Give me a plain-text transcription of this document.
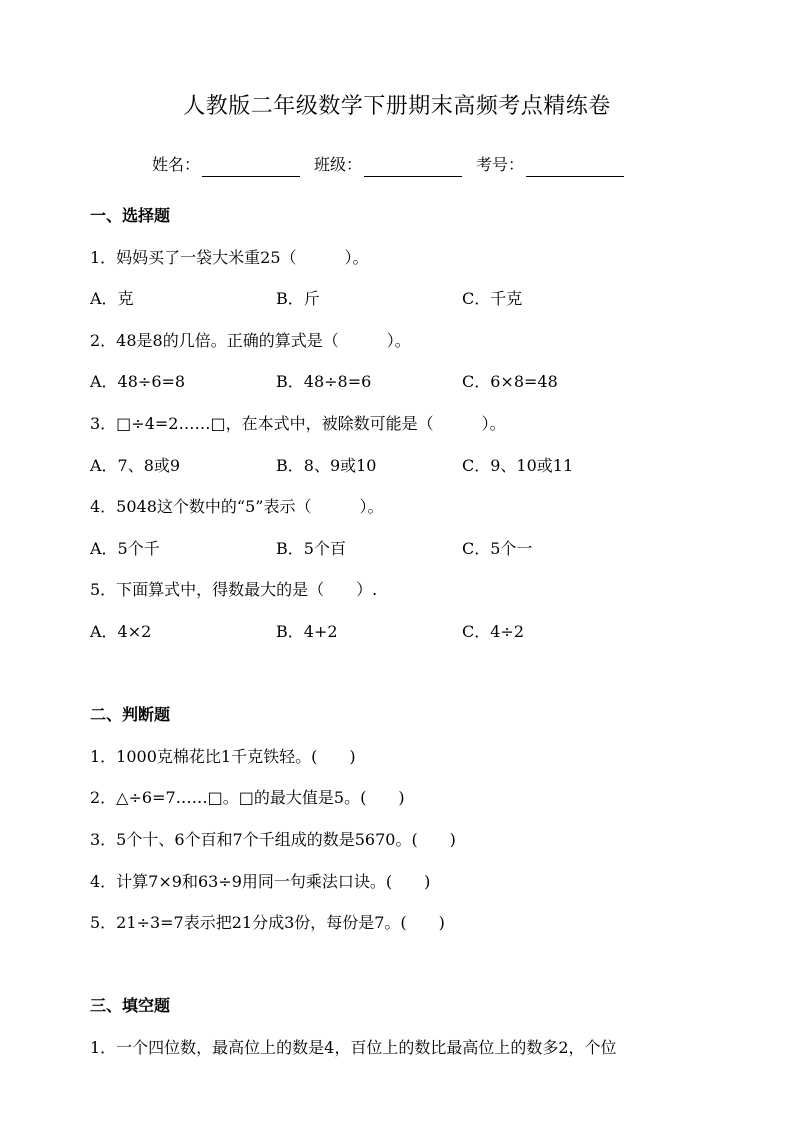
人教版二年级数学下册期末高频考点精练卷
姓名：	班级：	考号：
一、选择题
1．妈妈买了一袋大米重25（　　　）。
A．克	B．斤	C．千克
2．48是8的几倍。正确的算式是（　　　）。
A．48÷6=8	B．48÷8=6	C．6×8=48
3．□÷4=2……□，在本式中，被除数可能是（　　　）。
A．7、8或9	B．8、9或10	C．9、10或11
4．5048这个数中的“5”表示（　　　）。
A．5个千	B．5个百	C．5个一
5．下面算式中，得数最大的是（　　）.
A．4×2	B．4+2	C．4÷2
二、判断题
1．1000克棉花比1千克铁轻。(　　)
2．△÷6=7……□。□的最大值是5。(　　)
3．5个十、6个百和7个千组成的数是5670。(　　)
4．计算7×9和63÷9用同一句乘法口诀。(　　)
5．21÷3=7表示把21分成3份，每份是7。(　　)
三、填空题
1．一个四位数，最高位上的数是4，百位上的数比最高位上的数多2，个位
